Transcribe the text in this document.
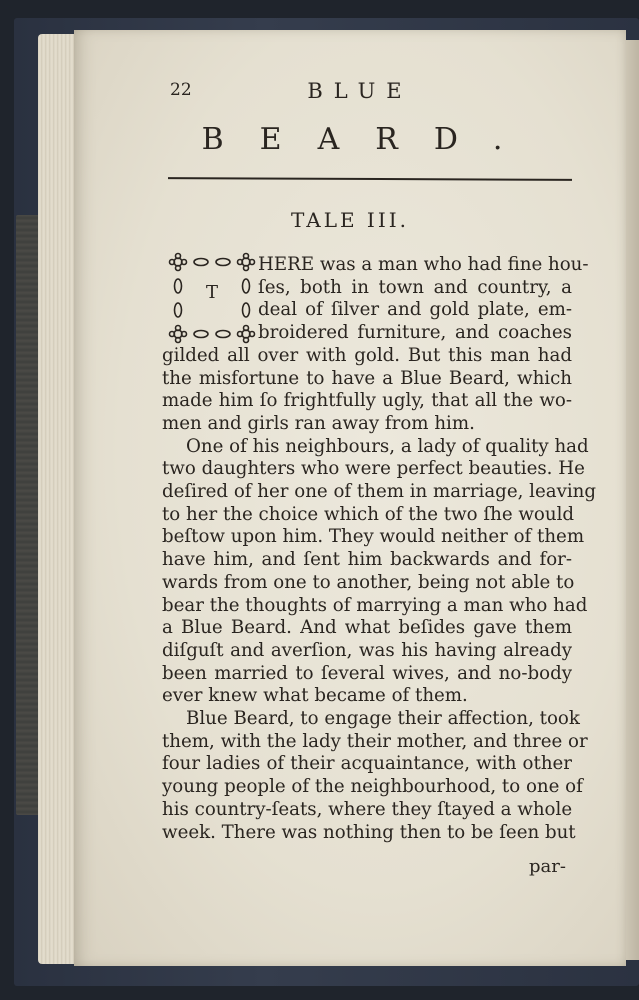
22	BLUE
BEARD.
TALE III.
T
HERE was a man who had fine hou-
ſes, both in town and country, a
deal of ſilver and gold plate, em-
broidered furniture, and coaches
gilded all over with gold. But this man had
the misfortune to have a Blue Beard, which
made him ſo frightfully ugly, that all the wo-
men and girls ran away from him.
One of his neighbours, a lady of quality had
two daughters who were perfect beauties. He
deſired of her one of them in marriage, leaving
to her the choice which of the two ſhe would
beſtow upon him. They would neither of them
have him, and ſent him backwards and for-
wards from one to another, being not able to
bear the thoughts of marrying a man who had
a Blue Beard. And what beſides gave them
diſguſt and averſion, was his having already
been married to ſeveral wives, and no-body
ever knew what became of them.
Blue Beard, to engage their affection, took
them, with the lady their mother, and three or
four ladies of their acquaintance, with other
young people of the neighbourhood, to one of
his country-ſeats, where they ſtayed a whole
week. There was nothing then to be ſeen but
par-
